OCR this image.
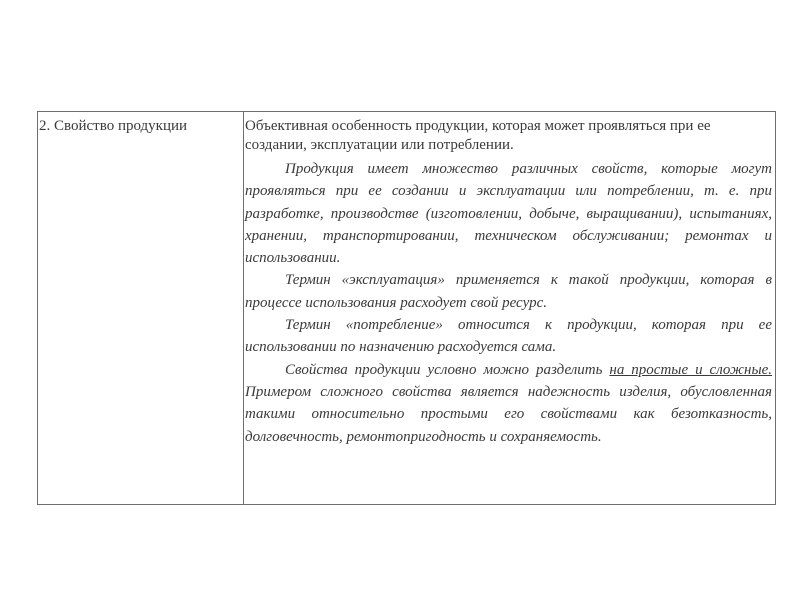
2. Свойство продукции	Объективная особенность продукции, которая может проявляться при ее создании, эксплуатации или потреблении.

Продукция имеет множество различных свойств, которые могут проявляться при ее создании и эксплуатации или потреблении, т. е. при разработке, производстве (изготовлении, добыче, выращивании), испытаниях, хранении, транспортировании, техническом обслуживании; ремонтах и использовании.

Термин «эксплуатация» применяется к такой продукции, которая в процессе использования расходует свой ресурс.

Термин «потребление» относится к продукции, которая при ее использовании по назначению расходуется сама.

Свойства продукции условно можно разделить на простые и сложные. Примером сложного свойства является надежность изделия, обусловленная такими относительно простыми его свойствами как безотказность, долговечность, ремонтопригодность и сохраняемость.
